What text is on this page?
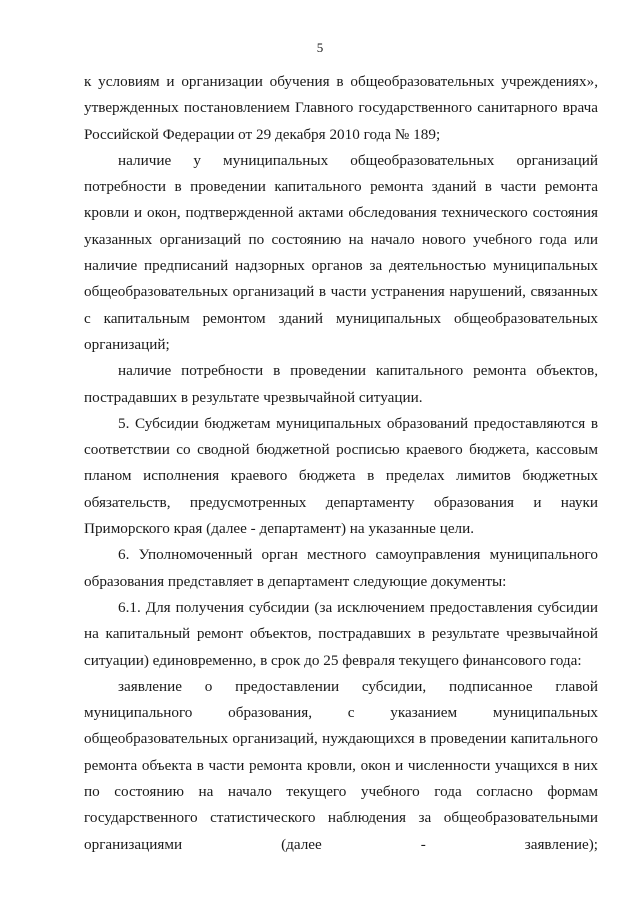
5

к условиям и организации обучения в общеобразовательных учреждениях», утвержденных постановлением Главного государственного санитарного врача Российской Федерации от 29 декабря 2010 года № 189;

наличие у муниципальных общеобразовательных организаций потребности в проведении капитального ремонта зданий в части ремонта кровли и окон, подтвержденной актами обследования технического состояния указанных организаций по состоянию на начало нового учебного года или наличие предписаний надзорных органов за деятельностью муниципальных общеобразовательных организаций в части устранения нарушений, связанных с капитальным ремонтом зданий муниципальных общеобразовательных организаций;

наличие потребности в проведении капитального ремонта объектов, пострадавших в результате чрезвычайной ситуации.

5. Субсидии бюджетам муниципальных образований предоставляются в соответствии со сводной бюджетной росписью краевого бюджета, кассовым планом исполнения краевого бюджета в пределах лимитов бюджетных обязательств, предусмотренных департаменту образования и науки Приморского края (далее - департамент) на указанные цели.

6. Уполномоченный орган местного самоуправления муниципального образования представляет в департамент следующие документы:

6.1. Для получения субсидии (за исключением предоставления субсидии на капитальный ремонт объектов, пострадавших в результате чрезвычайной ситуации) единовременно, в срок до 25 февраля текущего финансового года:

заявление о предоставлении субсидии, подписанное главой муниципального образования, с указанием муниципальных общеобразовательных организаций, нуждающихся в проведении капитального ремонта объекта в части ремонта кровли, окон и численности учащихся в них по состоянию на начало текущего учебного года согласно формам государственного статистического наблюдения за общеобразовательными организациями (далее - заявление);
